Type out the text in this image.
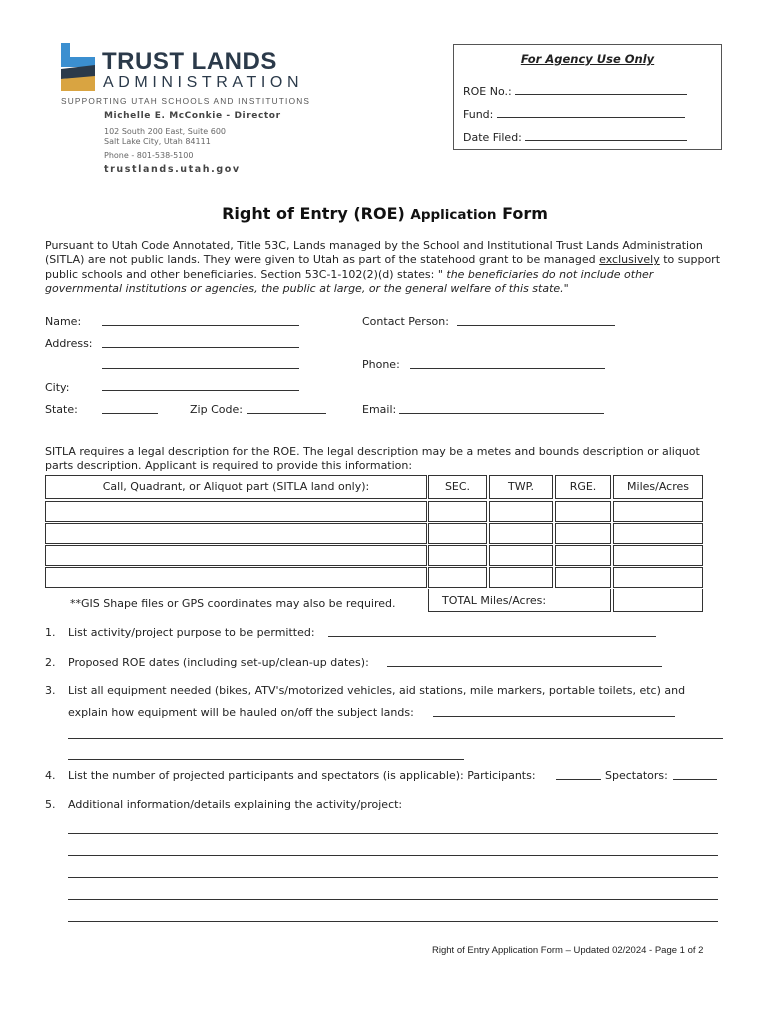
TRUST LANDS
ADMINISTRATION
SUPPORTING UTAH SCHOOLS AND INSTITUTIONS
Michelle E. McConkie - Director
102 South 200 East, Suite 600
Salt Lake City, Utah 84111
Phone - 801-538-5100
trustlands.utah.gov
For Agency Use Only
ROE No.:
Fund:
Date Filed:
Right of Entry (ROE) Application Form
Pursuant to Utah Code Annotated, Title 53C, Lands managed by the School and Institutional Trust Lands Administration (SITLA) are not public lands. They were given to Utah as part of the statehood grant to be managed exclusively to support public schools and other beneficiaries. Section 53C-1-102(2)(d) states: " the beneficiaries do not include other governmental institutions or agencies, the public at large, or the general welfare of this state."
Name:	Contact Person:
Address:
Phone:
City:
State:	Zip Code:	Email:
SITLA requires a legal description for the ROE. The legal description may be a metes and bounds description or aliquot parts description. Applicant is required to provide this information:
Call, Quadrant, or Aliquot part (SITLA land only):	SEC.	TWP.	RGE.	Miles/Acres
TOTAL Miles/Acres:
**GIS Shape files or GPS coordinates may also be required.
1. List activity/project purpose to be permitted:
2. Proposed ROE dates (including set-up/clean-up dates):
3. List all equipment needed (bikes, ATV's/motorized vehicles, aid stations, mile markers, portable toilets, etc) and
explain how equipment will be hauled on/off the subject lands:
4. List the number of projected participants and spectators (is applicable): Participants:	Spectators:
5. Additional information/details explaining the activity/project:
Right of Entry Application Form – Updated 02/2024 - Page 1 of 2
